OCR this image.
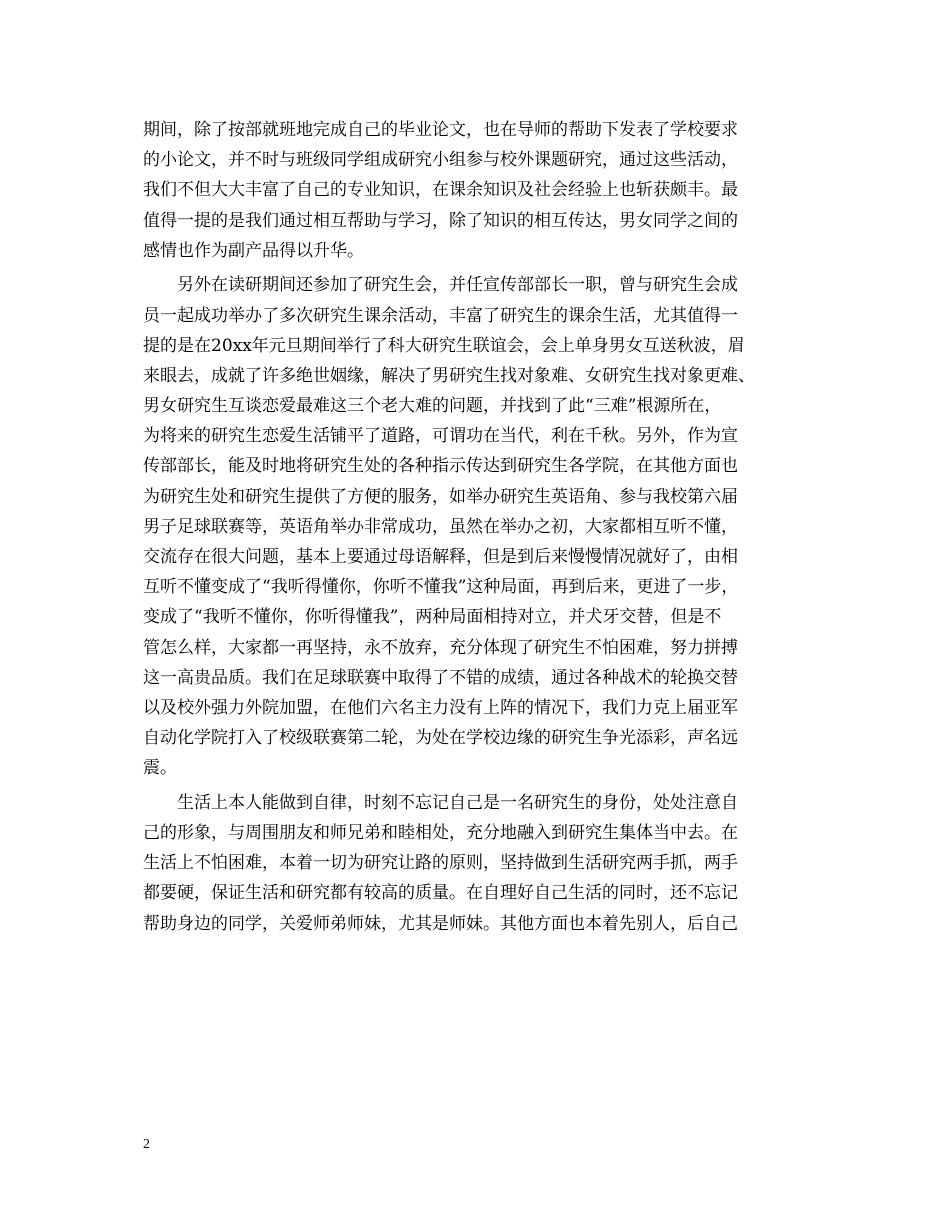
期间，除了按部就班地完成自己的毕业论文，也在导师的帮助下发表了学校要求
的小论文，并不时与班级同学组成研究小组参与校外课题研究，通过这些活动，
我们不但大大丰富了自己的专业知识，在课余知识及社会经验上也斩获颇丰。最
值得一提的是我们通过相互帮助与学习，除了知识的相互传达，男女同学之间的
感情也作为副产品得以升华。
　　另外在读研期间还参加了研究生会，并任宣传部部长一职，曾与研究生会成
员一起成功举办了多次研究生课余活动，丰富了研究生的课余生活，尤其值得一
提的是在20xx年元旦期间举行了科大研究生联谊会，会上单身男女互送秋波，眉
来眼去，成就了许多绝世姻缘，解决了男研究生找对象难、女研究生找对象更难、
男女研究生互谈恋爱最难这三个老大难的问题，并找到了此“三难”根源所在，
为将来的研究生恋爱生活铺平了道路，可谓功在当代，利在千秋。另外，作为宣
传部部长，能及时地将研究生处的各种指示传达到研究生各学院，在其他方面也
为研究生处和研究生提供了方便的服务，如举办研究生英语角、参与我校第六届
男子足球联赛等，英语角举办非常成功，虽然在举办之初，大家都相互听不懂，
交流存在很大问题，基本上要通过母语解释，但是到后来慢慢情况就好了，由相
互听不懂变成了“我听得懂你，你听不懂我”这种局面，再到后来，更进了一步，
变成了“我听不懂你，你听得懂我”，两种局面相持对立，并犬牙交替，但是不
管怎么样，大家都一再坚持，永不放弃，充分体现了研究生不怕困难，努力拼搏
这一高贵品质。我们在足球联赛中取得了不错的成绩，通过各种战术的轮换交替
以及校外强力外院加盟，在他们六名主力没有上阵的情况下，我们力克上届亚军
自动化学院打入了校级联赛第二轮，为处在学校边缘的研究生争光添彩，声名远
震。
　　生活上本人能做到自律，时刻不忘记自己是一名研究生的身份，处处注意自
己的形象，与周围朋友和师兄弟和睦相处，充分地融入到研究生集体当中去。在
生活上不怕困难，本着一切为研究让路的原则，坚持做到生活研究两手抓，两手
都要硬，保证生活和研究都有较高的质量。在自理好自己生活的同时，还不忘记
帮助身边的同学，关爱师弟师妹，尤其是师妹。其他方面也本着先别人，后自己
2
